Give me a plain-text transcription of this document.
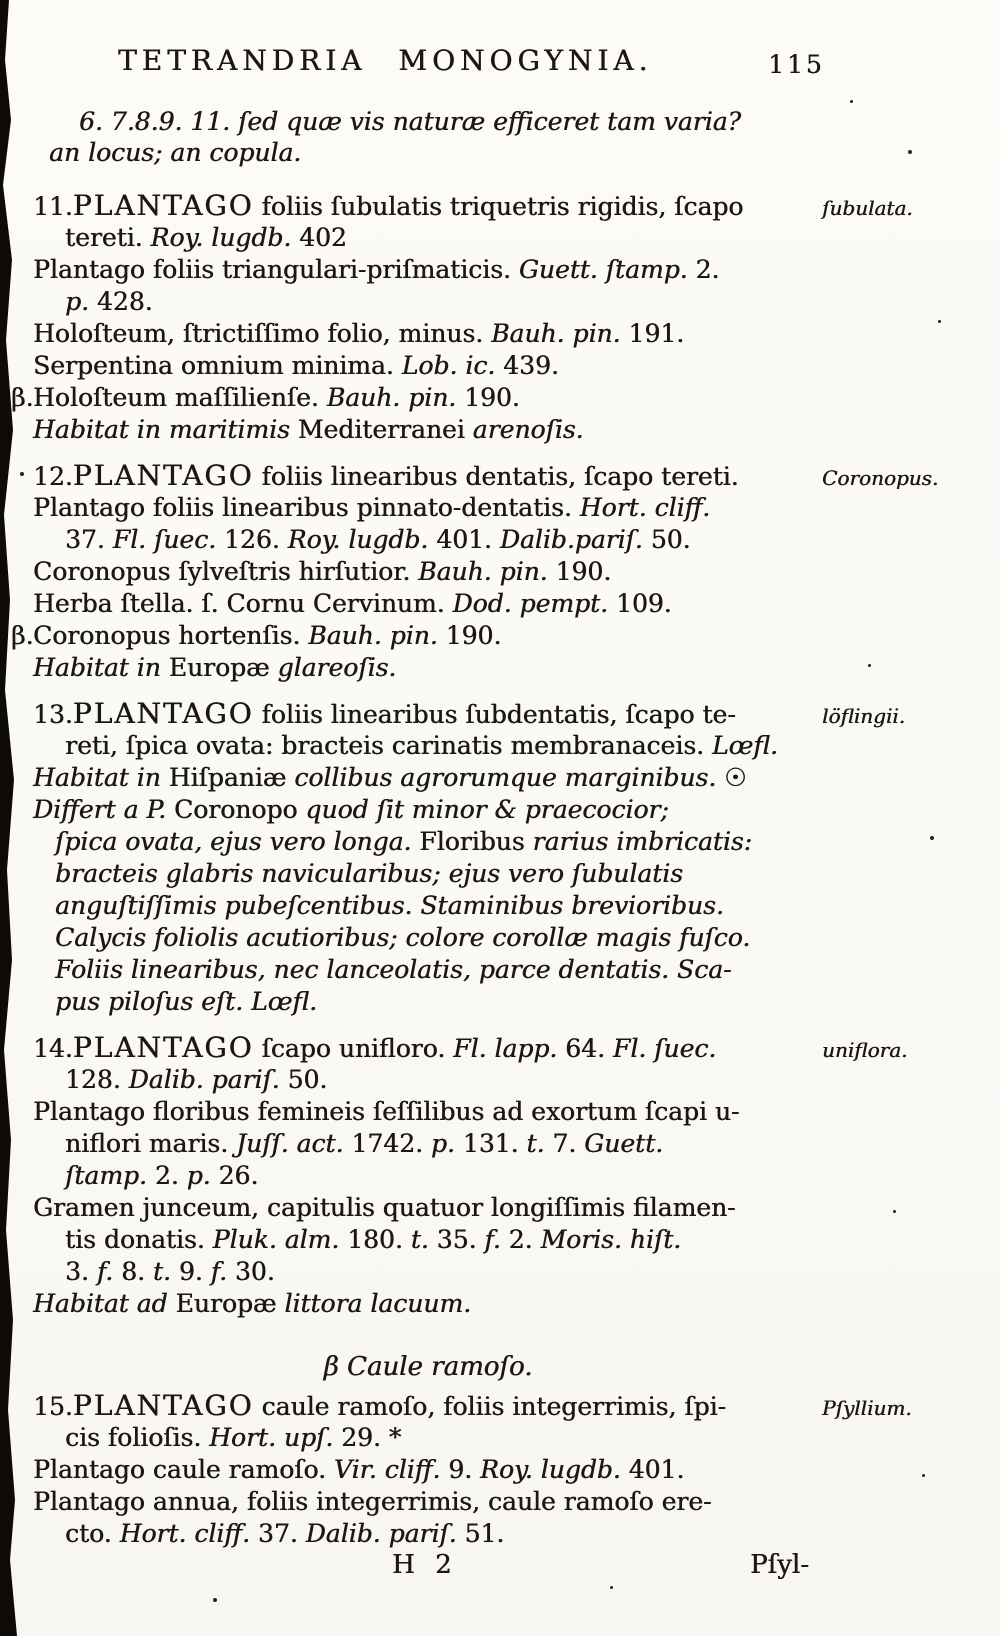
TETRANDRIA MONOGYNIA.	115
6. 7.8.9. 11. ſed quæ vis naturæ efficeret tam varia?
an locus; an copula.
11.PLANTAGO foliis ſubulatis triquetris rigidis, ſcapo
tereti. Roy. lugdb. 402
Plantago foliis triangulari-priſmaticis. Guett. ſtamp. 2.
p. 428.
Holoſteum, ſtrictiſſimo folio, minus. Bauh. pin. 191.
Serpentina omnium minima. Lob. ic. 439.
β.Holoſteum maſſilienſe. Bauh. pin. 190.
Habitat in maritimis Mediterranei arenoſis.
ſubulata.
12.PLANTAGO foliis linearibus dentatis, ſcapo tereti.
Plantago foliis linearibus pinnato-dentatis. Hort. cliff.
37. Fl. ſuec. 126. Roy. lugdb. 401. Dalib.pariſ. 50.
Coronopus ſylveſtris hirſutior. Bauh. pin. 190.
Herba ſtella. ſ. Cornu Cervinum. Dod. pempt. 109.
β.Coronopus hortenſis. Bauh. pin. 190.
Habitat in Europæ glareoſis.
Coronopus.
13.PLANTAGO foliis linearibus ſubdentatis, ſcapo te-
reti, ſpica ovata: bracteis carinatis membranaceis. Lœfl.
Habitat in Hiſpaniæ collibus agrorumque marginibus. ☉
Differt a P. Coronopo quod ſit minor & praecocior;
ſpica ovata, ejus vero longa. Floribus rarius imbricatis:
bracteis glabris navicularibus; ejus vero ſubulatis
anguſtiſſimis pubeſcentibus. Staminibus brevioribus.
Calycis foliolis acutioribus; colore corollæ magis fuſco.
Foliis linearibus, nec lanceolatis, parce dentatis. Sca-
pus piloſus eſt. Lœfl.
löflingii.
14.PLANTAGO ſcapo unifloro. Fl. lapp. 64. Fl. ſuec.
128. Dalib. pariſ. 50.
Plantago floribus femineis ſeſſilibus ad exortum ſcapi u-
niflori maris. Juſſ. act. 1742. p. 131. t. 7. Guett.
ſtamp. 2. p. 26.
Gramen junceum, capitulis quatuor longiſſimis filamen-
tis donatis. Pluk. alm. 180. t. 35. f. 2. Moris. hiſt.
3. f. 8. t. 9. f. 30.
Habitat ad Europæ littora lacuum.
uniflora.
β Caule ramoſo.
15.PLANTAGO caule ramoſo, foliis integerrimis, ſpi-
cis folioſis. Hort. upſ. 29. *
Plantago caule ramoſo. Vir. cliff. 9. Roy. lugdb. 401.
Plantago annua, foliis integerrimis, caule ramoſo ere-
cto. Hort. cliff. 37. Dalib. pariſ. 51.
Pſyllium.
H 2	Pſyl-
